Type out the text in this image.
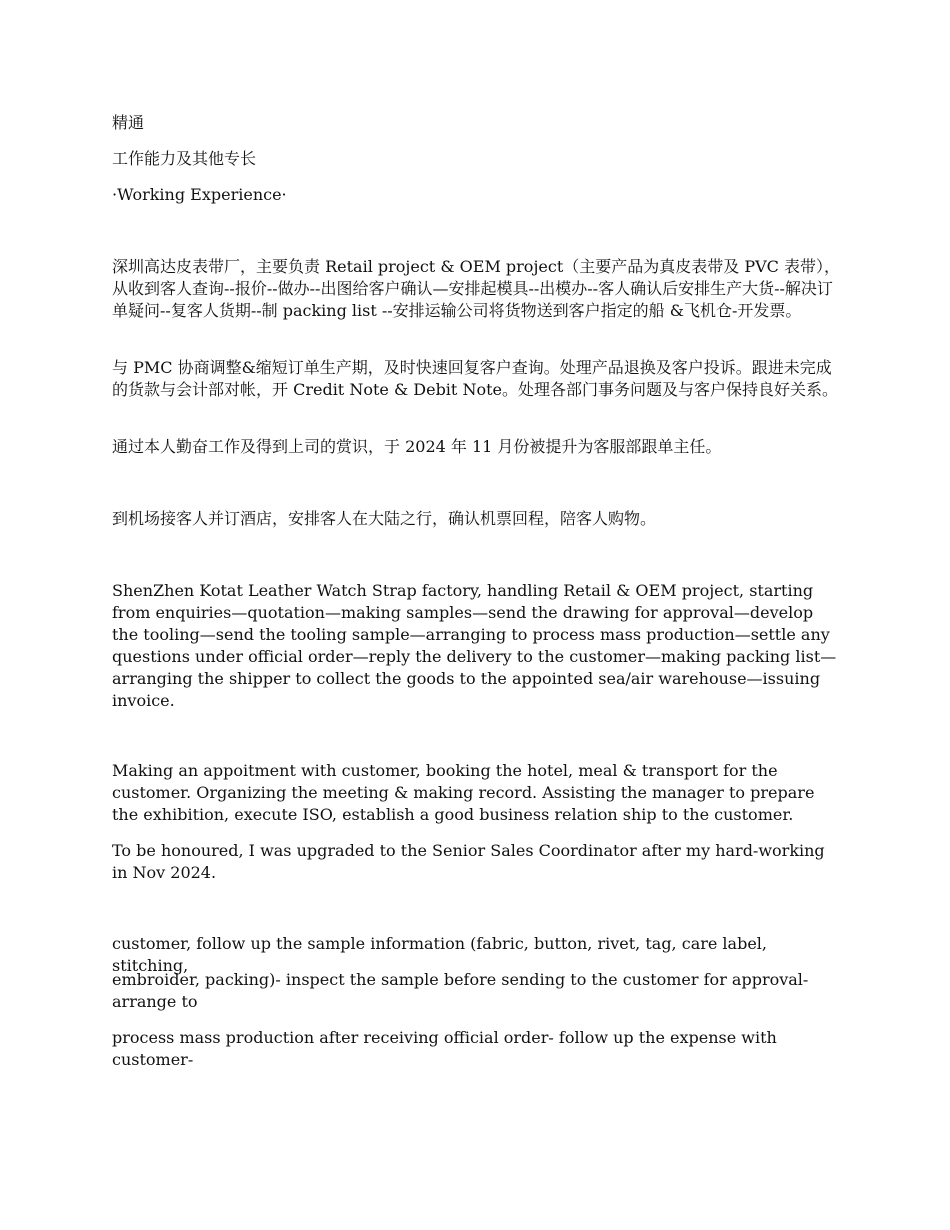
精通

工作能力及其他专长

·Working Experience·

深圳高达皮表带厂，主要负责 Retail project & OEM project（主要产品为真皮表带及 PVC 表带）， 从收到客人查询--报价--做办--出图给客户确认—安排起模具--出模办--客人确认后安排生产大货--解决订单疑问--复客人货期--制 packing list --安排运输公司将货物送到客户指定的船 &飞机仓-开发票。

与 PMC 协商调整&缩短订单生产期，及时快速回复客户查询。处理产品退换及客户投诉。跟进未完成的货款与会计部对帐，开 Credit Note & Debit Note。处理各部门事务问题及与客户保持良好关系。

通过本人勤奋工作及得到上司的赏识，于 2024 年 11 月份被提升为客服部跟单主任。

到机场接客人并订酒店，安排客人在大陆之行，确认机票回程，陪客人购物。

ShenZhen Kotat Leather Watch Strap factory, handling Retail & OEM project, starting from enquiries—quotation—making samples—send the drawing for approval—develop the tooling—send the tooling sample—arranging to process mass production—settle any questions under official order—reply the delivery to the customer—making packing list—arranging the shipper to collect the goods to the appointed sea/air warehouse—issuing invoice.

Making an appoitment with customer, booking the hotel, meal & transport for the customer. Organizing the meeting & making record. Assisting the manager to prepare the exhibition, execute ISO, establish a good business relation ship to the customer.

To be honoured, I was upgraded to the Senior Sales Coordinator after my hard-working in Nov 2024.

customer, follow up the sample information (fabric, button, rivet, tag, care label, stitching,

embroider, packing)- inspect the sample before sending to the customer for approval-arrange to

process mass production after receiving official order- follow up the expense with customer-
